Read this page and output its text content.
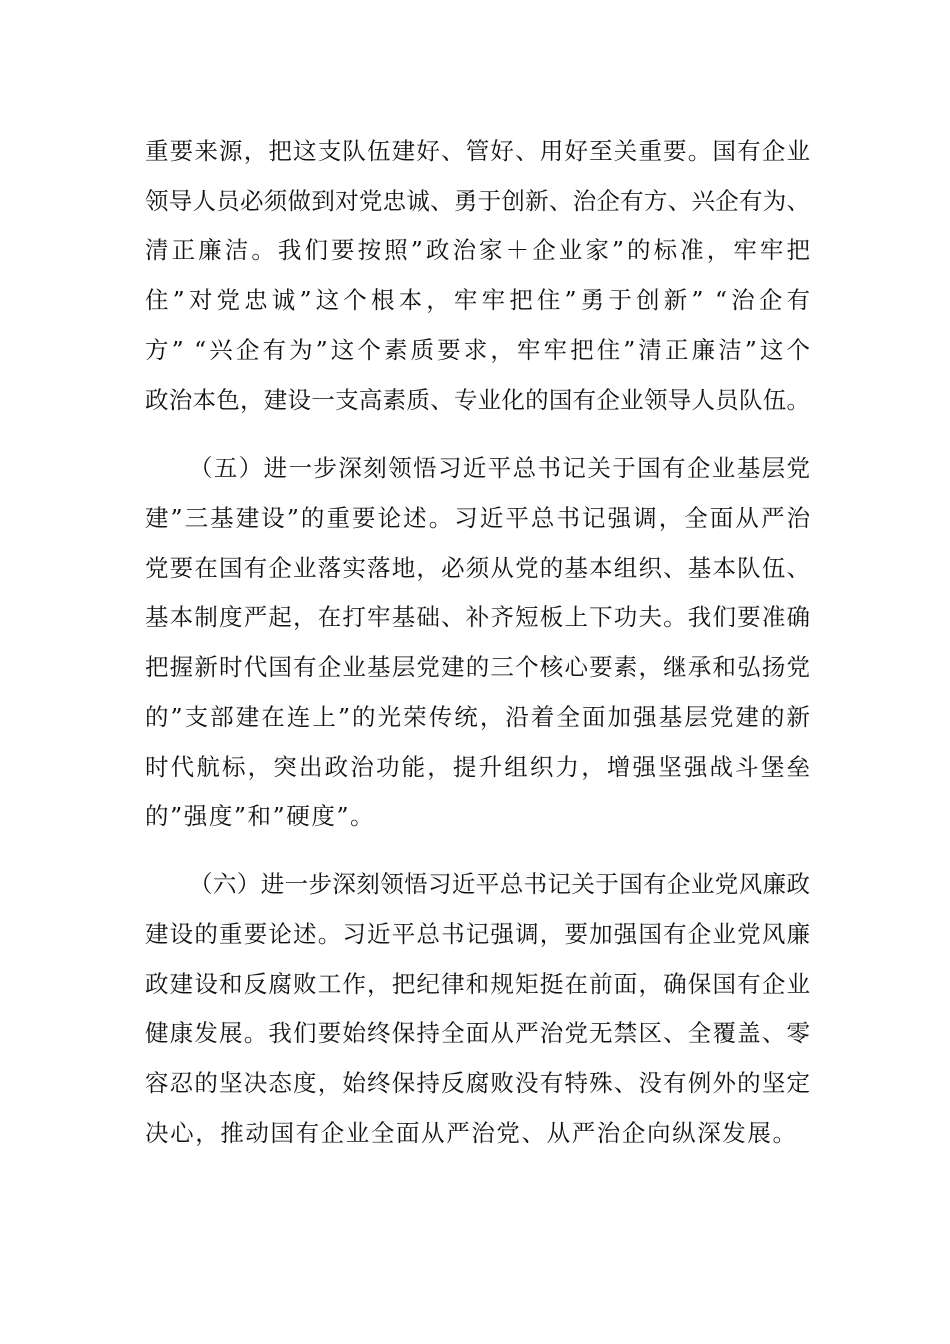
重要来源，把这支队伍建好、管好、用好至关重要。国有企业
领导人员必须做到对党忠诚、勇于创新、治企有方、兴企有为、
清正廉洁。我们要按照”政治家＋企业家”的标准，牢牢把
住”对党忠诚”这个根本，牢牢把住”勇于创新” “治企有
方” “兴企有为”这个素质要求，牢牢把住”清正廉洁”这个
政治本色，建设一支高素质、专业化的国有企业领导人员队伍。
（五）进一步深刻领悟习近平总书记关于国有企业基层党
建”三基建设”的重要论述。习近平总书记强调，全面从严治
党要在国有企业落实落地，必须从党的基本组织、基本队伍、
基本制度严起，在打牢基础、补齐短板上下功夫。我们要准确
把握新时代国有企业基层党建的三个核心要素，继承和弘扬党
的”支部建在连上”的光荣传统，沿着全面加强基层党建的新
时代航标，突出政治功能，提升组织力，增强坚强战斗堡垒
的”强度”和”硬度”。
（六）进一步深刻领悟习近平总书记关于国有企业党风廉政
建设的重要论述。习近平总书记强调，要加强国有企业党风廉
政建设和反腐败工作，把纪律和规矩挺在前面，确保国有企业
健康发展。我们要始终保持全面从严治党无禁区、全覆盖、零
容忍的坚决态度，始终保持反腐败没有特殊、没有例外的坚定
决心，推动国有企业全面从严治党、从严治企向纵深发展。
